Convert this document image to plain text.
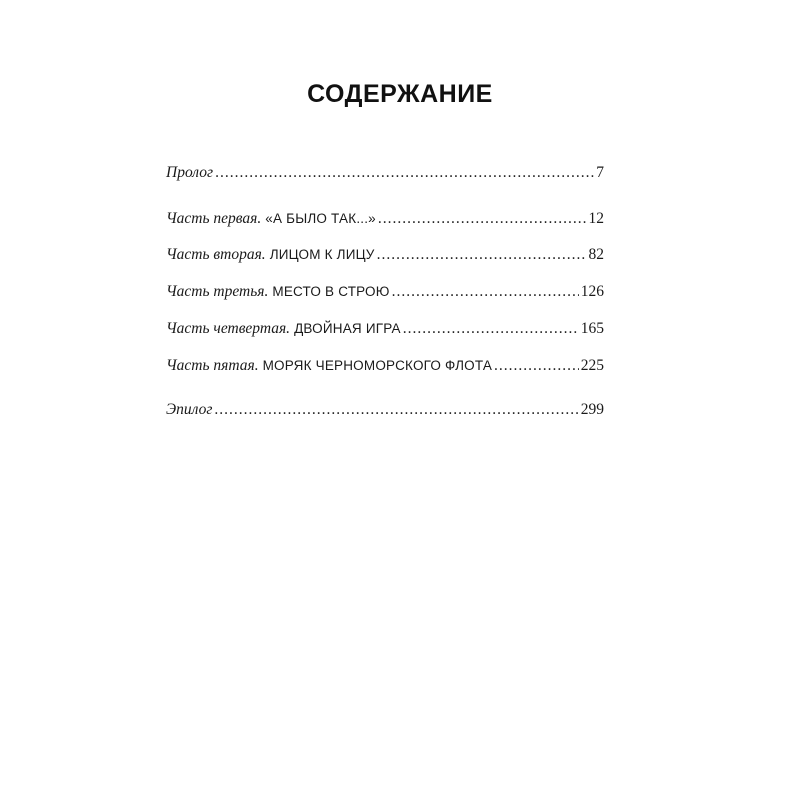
СОДЕРЖАНИЕ
Пролог .....	7
Часть первая. «А БЫЛО ТАК...» .....	12
Часть вторая. ЛИЦОМ К ЛИЦУ .....	82
Часть третья. МЕСТО В СТРОЮ .....	126
Часть четвертая. ДВОЙНАЯ ИГРА .....	165
Часть пятая. МОРЯК ЧЕРНОМОРСКОГО ФЛОТА .....	225
Эпилог .....	299
